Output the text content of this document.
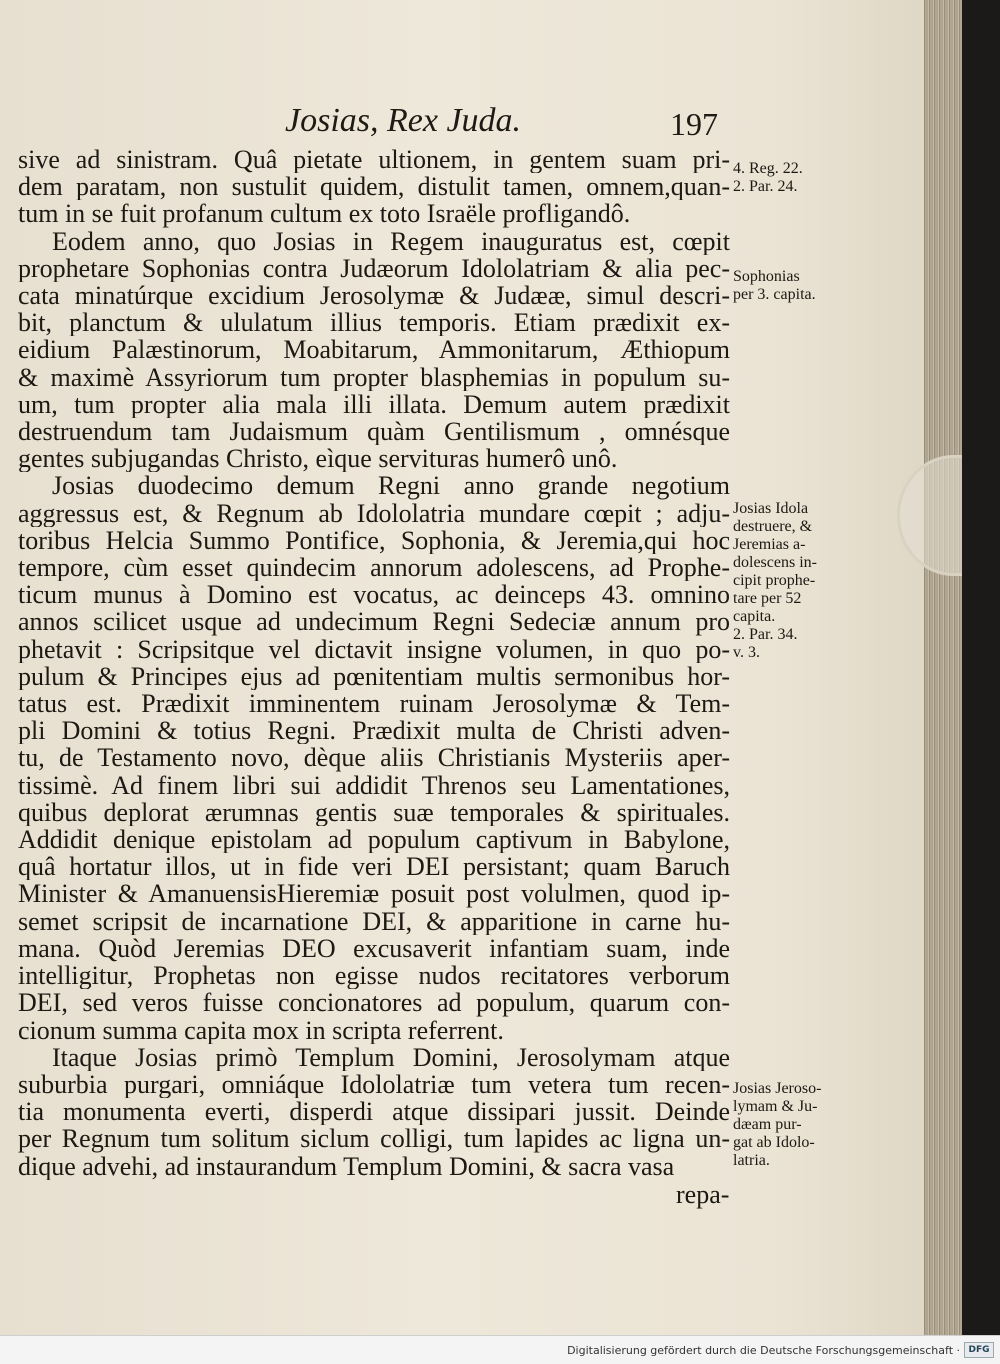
Josias, Rex Juda.	197
sive ad sinistram. Quâ pietate ultionem, in gentem suam pri-
dem paratam, non sustulit quidem, distulit tamen, omnem,quan-
tum in se fuit profanum cultum ex toto Israële profligandô.
Eodem anno, quo Josias in Regem inauguratus est, cœpit
prophetare Sophonias contra Judæorum Idololatriam & alia pec-
cata minatúrque excidium Jerosolymæ & Judææ, simul descri-
bit, planctum & ululatum illius temporis. Etiam prædixit ex-
eidium Palæstinorum, Moabitarum, Ammonitarum, Æthiopum
& maximè Assyriorum tum propter blasphemias in populum su-
um, tum propter alia mala illi illata. Demum autem prædixit
destruendum tam Judaismum quàm Gentilismum , omnésque
gentes subjugandas Christo, eìque servituras humerô unô.
Josias duodecimo demum Regni anno grande negotium
aggressus est, & Regnum ab Idololatria mundare cœpit ; adju-
toribus Helcia Summo Pontifice, Sophonia, & Jeremia,qui hoc
tempore, cùm esset quindecim annorum adolescens, ad Prophe-
ticum munus à Domino est vocatus, ac deinceps 43. omnino
annos scilicet usque ad undecimum Regni Sedeciæ annum pro
phetavit : Scripsitque vel dictavit insigne volumen, in quo po-
pulum & Principes ejus ad pœnitentiam multis sermonibus hor-
tatus est. Prædixit imminentem ruinam Jerosolymæ & Tem-
pli Domini & totius Regni. Prædixit multa de Christi adven-
tu, de Testamento novo, dèque aliis Christianis Mysteriis aper-
tissimè. Ad finem libri sui addidit Threnos seu Lamentationes,
quibus deplorat ærumnas gentis suæ temporales & spirituales.
Addidit denique epistolam ad populum captivum in Babylone,
quâ hortatur illos, ut in fide veri DEI persistant; quam Baruch
Minister & AmanuensisHieremiæ posuit post volulmen, quod ip-
semet scripsit de incarnatione DEI, & apparitione in carne hu-
mana. Quòd Jeremias DEO excusaverit infantiam suam, inde
intelligitur, Prophetas non egisse nudos recitatores verborum
DEI, sed veros fuisse concionatores ad populum, quarum con-
cionum summa capita mox in scripta referrent.
Itaque Josias primò Templum Domini, Jerosolymam atque
suburbia purgari, omniáque Idololatriæ tum vetera tum recen-
tia monumenta everti, disperdi atque dissipari jussit. Deinde
per Regnum tum solitum siclum colligi, tum lapides ac ligna un-
dique advehi, ad instaurandum Templum Domini, & sacra vasa
repa-
4. Reg. 22.
2. Par. 24.
Sophonias
per 3. capita.
Josias Idola
destruere, &
Jeremias a-
dolescens in-
cipit prophe-
tare per 52
capita.
2. Par. 34.
v. 3.
Josias Jeroso-
lymam & Ju-
dæam pur-
gat ab Idolo-
latria.
Digitalisierung gefördert durch die Deutsche Forschungsgemeinschaft · DFG
